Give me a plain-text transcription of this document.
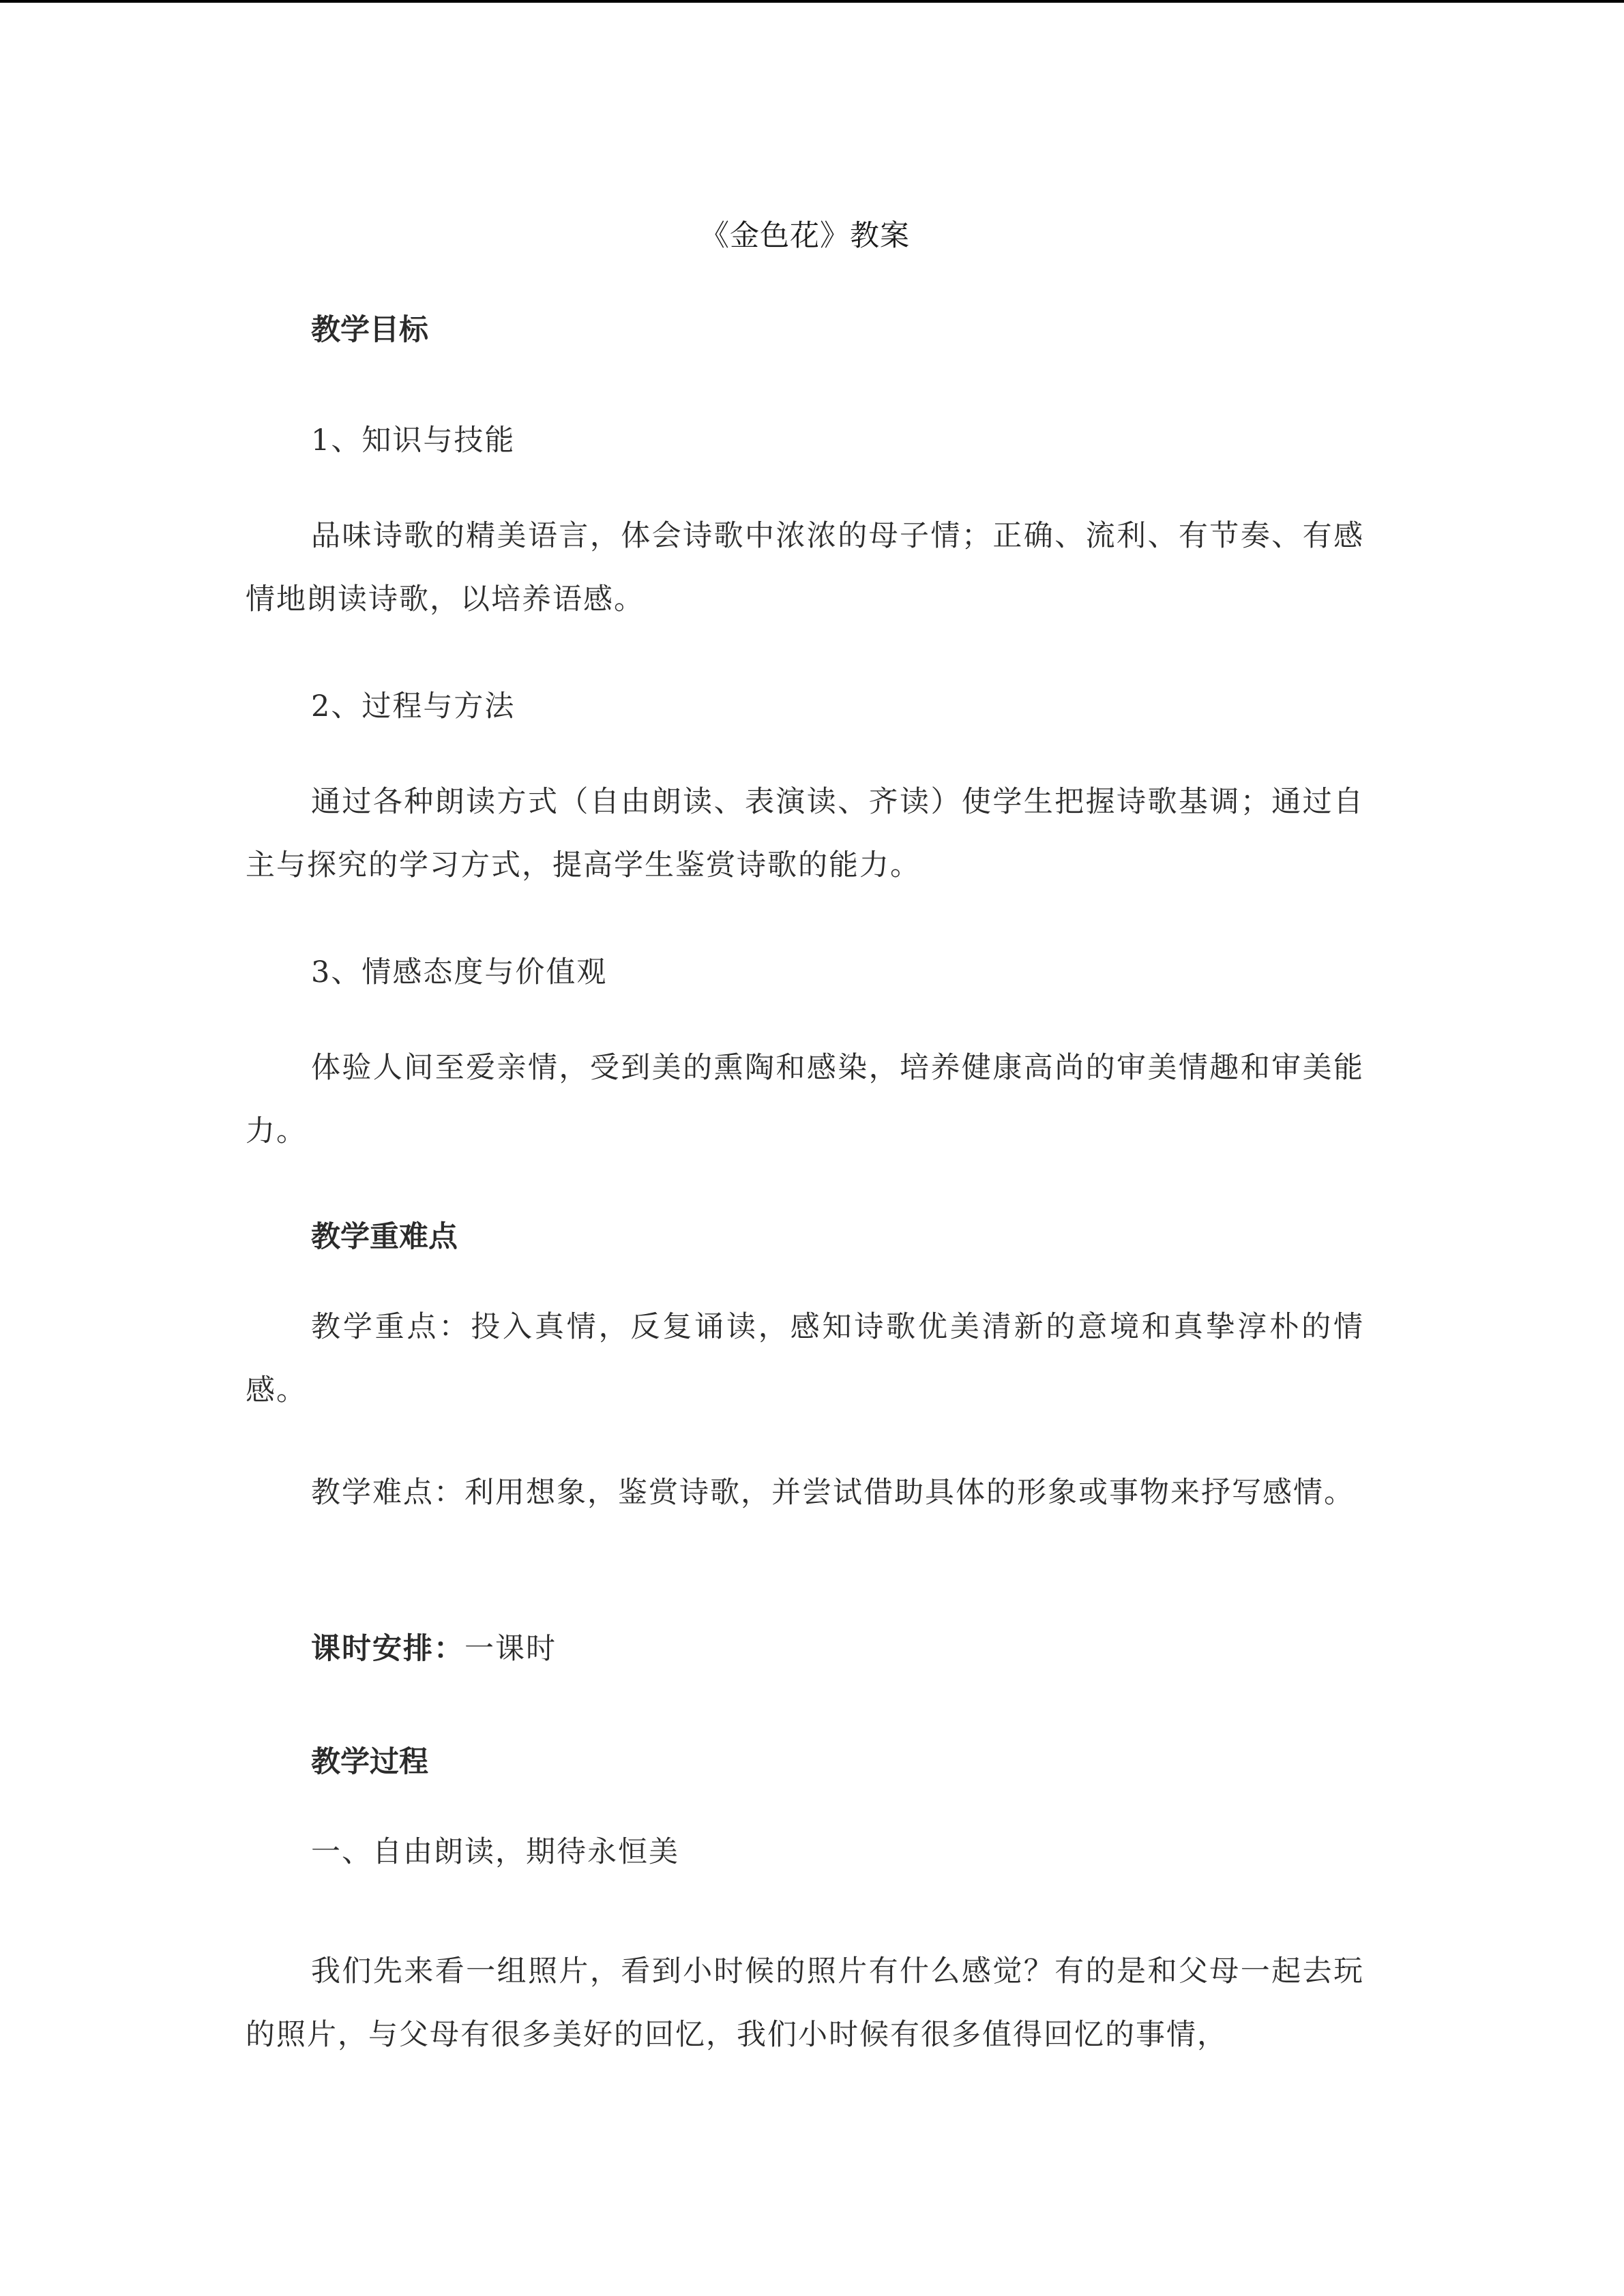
《金色花》教案

教学目标

1、知识与技能

品味诗歌的精美语言，体会诗歌中浓浓的母子情；正确、流利、有节奏、有感情地朗读诗歌，以培养语感。

2、过程与方法

通过各种朗读方式（自由朗读、表演读、齐读）使学生把握诗歌基调；通过自主与探究的学习方式，提高学生鉴赏诗歌的能力。

3、情感态度与价值观

体验人间至爱亲情，受到美的熏陶和感染，培养健康高尚的审美情趣和审美能力。

教学重难点

教学重点：投入真情，反复诵读，感知诗歌优美清新的意境和真挚淳朴的情感。

教学难点：利用想象，鉴赏诗歌，并尝试借助具体的形象或事物来抒写感情。

课时安排：一课时

教学过程

一、自由朗读，期待永恒美

我们先来看一组照片，看到小时候的照片有什么感觉？有的是和父母一起去玩的照片，与父母有很多美好的回忆，我们小时候有很多值得回忆的事情，
